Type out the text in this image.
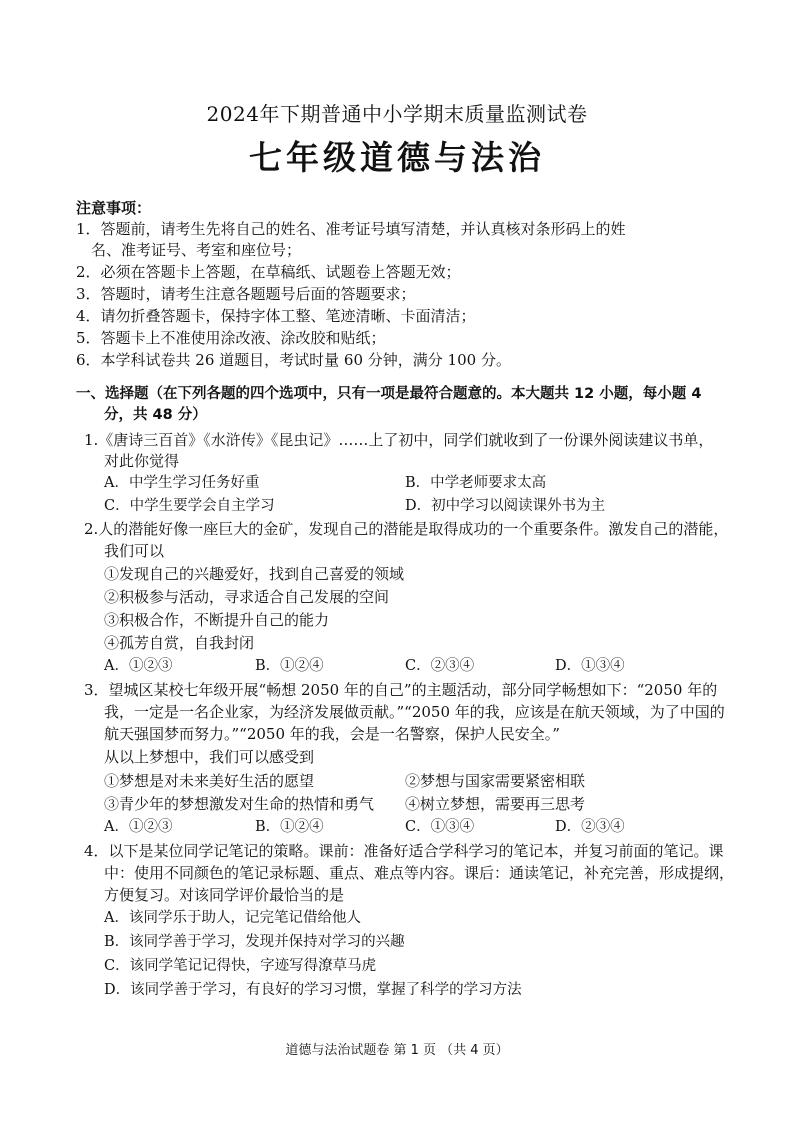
2024年下期普通中小学期末质量监测试卷
七年级道德与法治
注意事项：
1．答题前，请考生先将自己的姓名、准考证号填写清楚，并认真核对条形码上的姓
　名、准考证号、考室和座位号；
2．必须在答题卡上答题，在草稿纸、试题卷上答题无效；
3．答题时，请考生注意各题题号后面的答题要求；
4．请勿折叠答题卡，保持字体工整、笔迹清晰、卡面清洁；
5．答题卡上不准使用涂改液、涂改胶和贴纸；
6．本学科试卷共 26 道题目，考试时量 60 分钟，满分 100 分。
一、选择题（在下列各题的四个选项中，只有一项是最符合题意的。本大题共 12 小题，每小题 4
分，共 48 分）
1.《唐诗三百首》《水浒传》《昆虫记》……上了初中，同学们就收到了一份课外阅读建议书单，
对此你觉得
A．中学生学习任务好重	B．中学老师要求太高
C．中学生要学会自主学习	D．初中学习以阅读课外书为主
2.人的潜能好像一座巨大的金矿，发现自己的潜能是取得成功的一个重要条件。激发自己的潜能，
我们可以
①发现自己的兴趣爱好，找到自己喜爱的领域
②积极参与活动，寻求适合自己发展的空间
③积极合作，不断提升自己的能力
④孤芳自赏，自我封闭
A．①②③	B．①②④	C．②③④	D．①③④
3．望城区某校七年级开展“畅想 2050 年的自己”的主题活动，部分同学畅想如下：“2050 年的
我，一定是一名企业家，为经济发展做贡献。”“2050 年的我，应该是在航天领域，为了中国的
航天强国梦而努力。”“2050 年的我，会是一名警察，保护人民安全。”
从以上梦想中，我们可以感受到
①梦想是对未来美好生活的愿望	②梦想与国家需要紧密相联
③青少年的梦想激发对生命的热情和勇气 ④树立梦想，需要再三思考
A．①②③	B．①②④	C．①③④	D．②③④
4．以下是某位同学记笔记的策略。课前：准备好适合学科学习的笔记本，并复习前面的笔记。课
中：使用不同颜色的笔记录标题、重点、难点等内容。课后：通读笔记，补充完善，形成提纲，
方便复习。对该同学评价最恰当的是
A．该同学乐于助人，记完笔记借给他人
B．该同学善于学习，发现并保持对学习的兴趣
C．该同学笔记记得快，字迹写得潦草马虎
D．该同学善于学习，有良好的学习习惯，掌握了科学的学习方法
道德与法治试题卷 第 1 页 （共 4 页）
